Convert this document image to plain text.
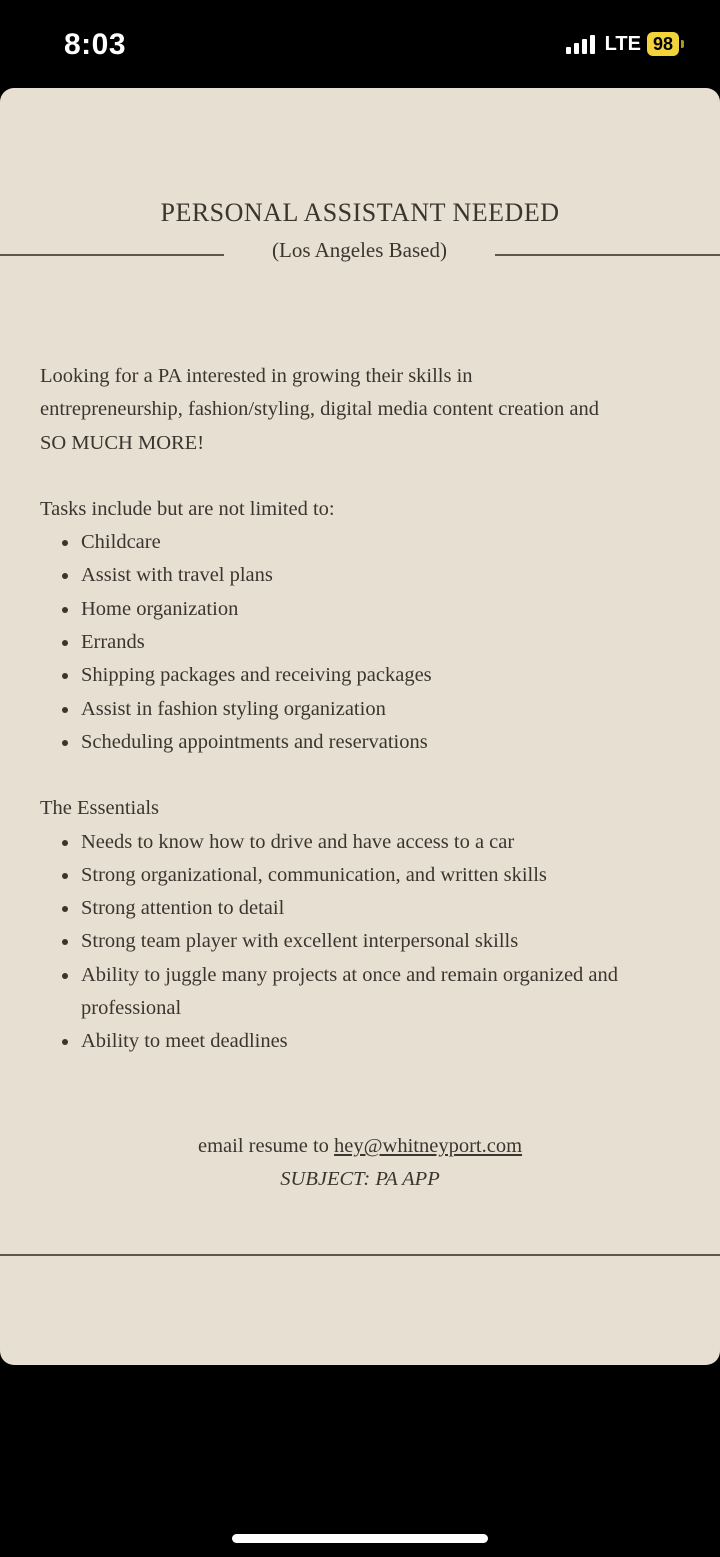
8:03	LTE 98
PERSONAL ASSISTANT NEEDED
(Los Angeles Based)

Looking for a PA interested in growing their skills in entrepreneurship, fashion/styling, digital media content creation and SO MUCH MORE!

Tasks include but are not limited to:

Childcare
Assist with travel plans
Home organization
Errands
Shipping packages and receiving packages
Assist in fashion styling organization
Scheduling appointments and reservations

The Essentials

Needs to know how to drive and have access to a car
Strong organizational, communication, and written skills
Strong attention to detail
Strong team player with excellent interpersonal skills
Ability to juggle many projects at once and remain organized and professional
Ability to meet deadlines
email resume to hey@whitneyport.com
SUBJECT: PA APP
